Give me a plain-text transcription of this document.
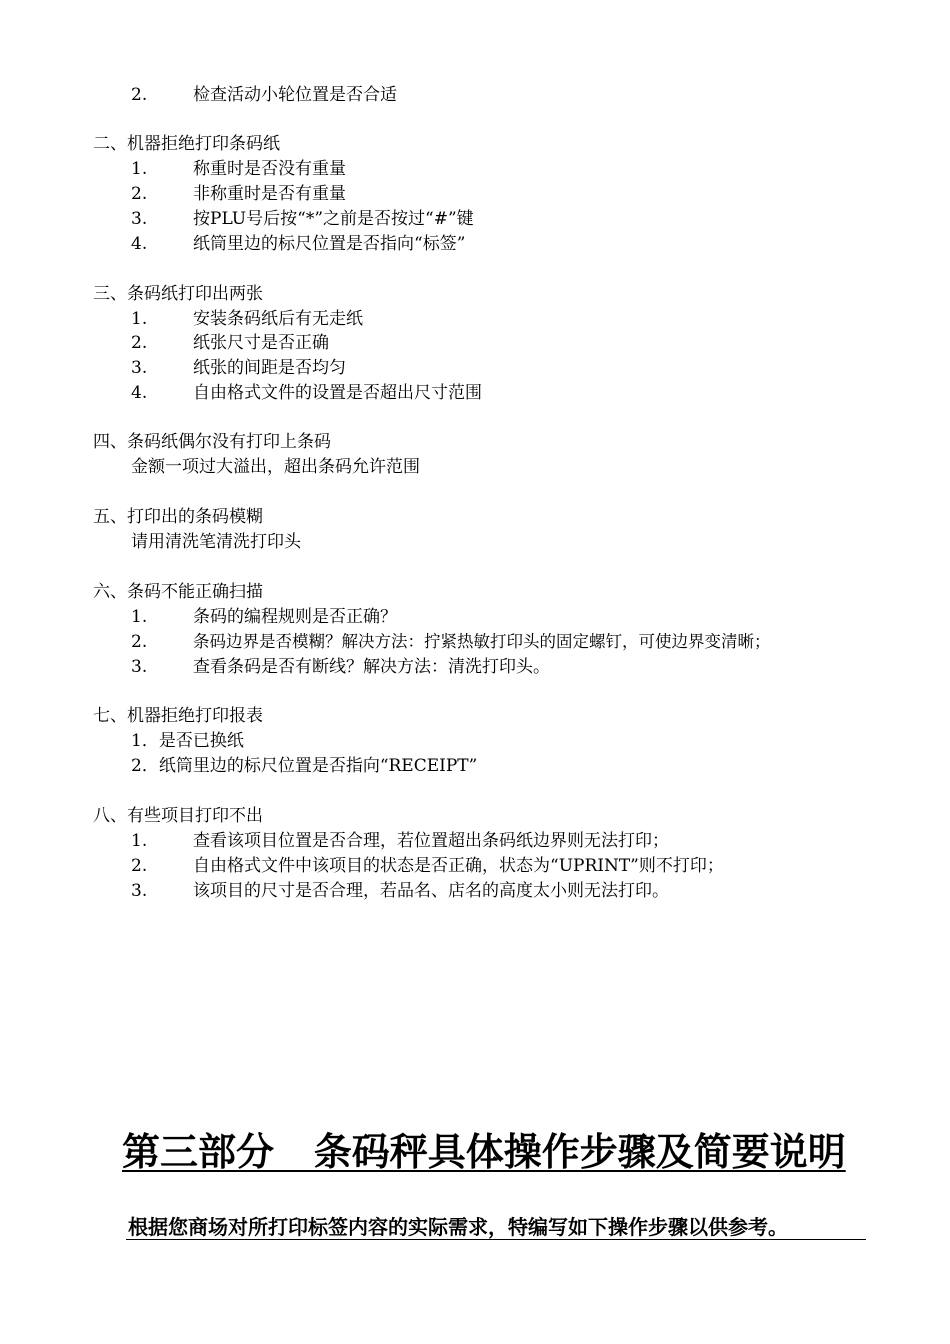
2.	检查活动小轮位置是否合适
二、机器拒绝打印条码纸
1.	称重时是否没有重量
2.	非称重时是否有重量
3.	按PLU号后按“*”之前是否按过“#”键
4.	纸筒里边的标尺位置是否指向“标签”
三、条码纸打印出两张
1.	安装条码纸后有无走纸
2.	纸张尺寸是否正确
3.	纸张的间距是否均匀
4.	自由格式文件的设置是否超出尺寸范围
四、条码纸偶尔没有打印上条码
金额一项过大溢出，超出条码允许范围
五、打印出的条码模糊
请用清洗笔清洗打印头
六、条码不能正确扫描
1.	条码的编程规则是否正确？
2.	条码边界是否模糊？解决方法：拧紧热敏打印头的固定螺钉，可使边界变清晰；
3.	查看条码是否有断线？解决方法：清洗打印头。
七、机器拒绝打印报表
1．是否已换纸
2．纸筒里边的标尺位置是否指向“RECEIPT”
八、有些项目打印不出
1.	查看该项目位置是否合理，若位置超出条码纸边界则无法打印；
2.	自由格式文件中该项目的状态是否正确，状态为“UPRINT”则不打印；
3.	该项目的尺寸是否合理，若品名、店名的高度太小则无法打印。
第三部分   条码秤具体操作步骤及简要说明
根据您商场对所打印标签内容的实际需求，特编写如下操作步骤以供参考。
